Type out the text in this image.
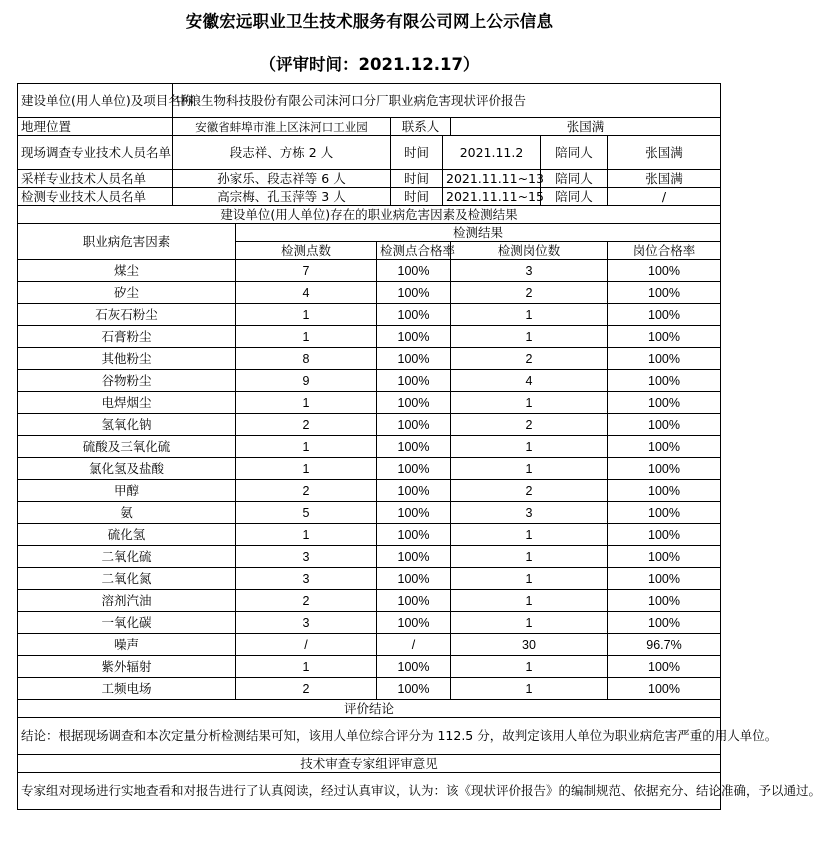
安徽宏远职业卫生技术服务有限公司网上公示信息
（评审时间：2021.12.17）
建设单位(用人单位)及项目名称	中粮生物科技股份有限公司沫河口分厂职业病危害现状评价报告							
地理位置	安徽省蚌埠市淮上区沫河口工业园			联系人		张国满		
现场调查专业技术人员名单	段志祥、方栋 2 人			时间	2021.11.2		陪同人	张国满
采样专业技术人员名单	孙家乐、段志祥等 6 人			时间	2021.11.11~13		陪同人	张国满
检测专业技术人员名单	高宗梅、孔玉萍等 3 人			时间	2021.11.11~15		陪同人	/
建设单位(用人单位)存在的职业病危害因素及检测结果								
职业病危害因素		检测结果						
		检测点数	检测点合格率			检测岗位数		岗位合格率
煤尘		7	100%			3		100%
矽尘		4	100%			2		100%
石灰石粉尘		1	100%			1		100%
石膏粉尘		1	100%			1		100%
其他粉尘		8	100%			2		100%
谷物粉尘		9	100%			4		100%
电焊烟尘		1	100%			1		100%
氢氧化钠		2	100%			2		100%
硫酸及三氧化硫		1	100%			1		100%
氯化氢及盐酸		1	100%			1		100%
甲醇		2	100%			2		100%
氨		5	100%			3		100%
硫化氢		1	100%			1		100%
二氧化硫		3	100%			1		100%
二氧化氮		3	100%			1		100%
溶剂汽油		2	100%			1		100%
一氧化碳		3	100%			1		100%
噪声		/	/			30		96.7%
紫外辐射		1	100%			1		100%
工频电场		2	100%			1		100%
评价结论								
结论：根据现场调查和本次定量分析检测结果可知，该用人单位综合评分为 112.5 分，故判定该用人单位为职业病危害严重的用人单位。								
技术审查专家组评审意见								
专家组对现场进行实地查看和对报告进行了认真阅读，经过认真审议，认为：该《现状评价报告》的编制规范、依据充分、结论准确，予以通过。								
